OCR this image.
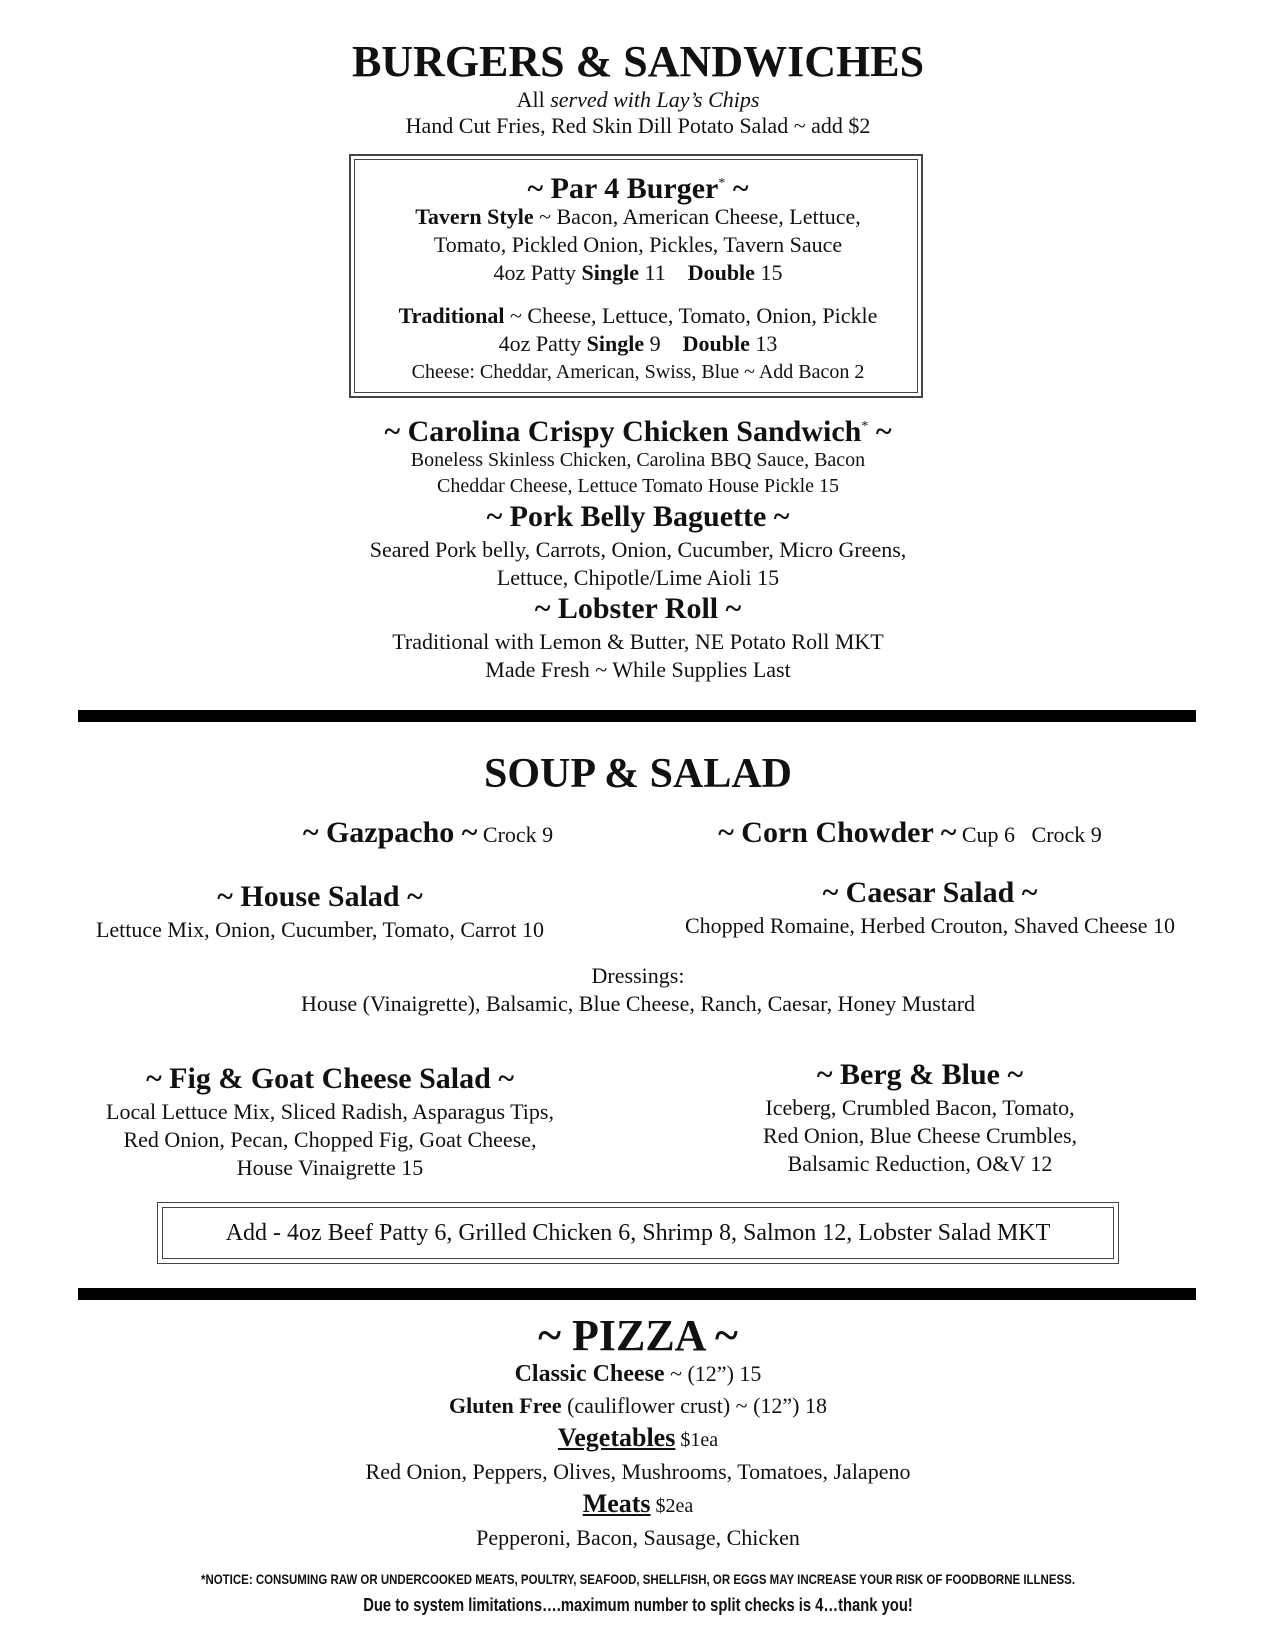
BURGERS & SANDWICHES
All served with Lay’s Chips
Hand Cut Fries, Red Skin Dill Potato Salad ~ add $2
~ Par 4 Burger* ~
Tavern Style ~ Bacon, American Cheese, Lettuce,
Tomato, Pickled Onion, Pickles, Tavern Sauce
4oz Patty Single 11 Double 15
Traditional ~ Cheese, Lettuce, Tomato, Onion, Pickle
4oz Patty Single 9 Double 13
Cheese: Cheddar, American, Swiss, Blue ~ Add Bacon 2
~ Carolina Crispy Chicken Sandwich* ~
Boneless Skinless Chicken, Carolina BBQ Sauce, Bacon
Cheddar Cheese, Lettuce Tomato House Pickle 15
~ Pork Belly Baguette ~
Seared Pork belly, Carrots, Onion, Cucumber, Micro Greens,
Lettuce, Chipotle/Lime Aioli 15
~ Lobster Roll ~
Traditional with Lemon & Butter, NE Potato Roll MKT
Made Fresh ~ While Supplies Last
SOUP & SALAD
~ Gazpacho ~ Crock 9	~ Corn Chowder ~ Cup 6   Crock 9
~ House Salad ~
Lettuce Mix, Onion, Cucumber, Tomato, Carrot 10
~ Caesar Salad ~
Chopped Romaine, Herbed Crouton, Shaved Cheese 10
Dressings:
House (Vinaigrette), Balsamic, Blue Cheese, Ranch, Caesar, Honey Mustard
~ Fig & Goat Cheese Salad ~
Local Lettuce Mix, Sliced Radish, Asparagus Tips,
Red Onion, Pecan, Chopped Fig, Goat Cheese,
House Vinaigrette 15
~ Berg & Blue ~
Iceberg, Crumbled Bacon, Tomato,
Red Onion, Blue Cheese Crumbles,
Balsamic Reduction, O&V 12
Add - 4oz Beef Patty 6, Grilled Chicken 6, Shrimp 8, Salmon 12, Lobster Salad MKT
~ PIZZA ~
Classic Cheese ~ (12”) 15
Gluten Free (cauliflower crust) ~ (12”) 18
Vegetables $1ea
Red Onion, Peppers, Olives, Mushrooms, Tomatoes, Jalapeno
Meats $2ea
Pepperoni, Bacon, Sausage, Chicken
*NOTICE: CONSUMING RAW OR UNDERCOOKED MEATS, POULTRY, SEAFOOD, SHELLFISH, OR EGGS MAY INCREASE YOUR RISK OF FOODBORNE ILLNESS.
Due to system limitations….maximum number to split checks is 4…thank you!
